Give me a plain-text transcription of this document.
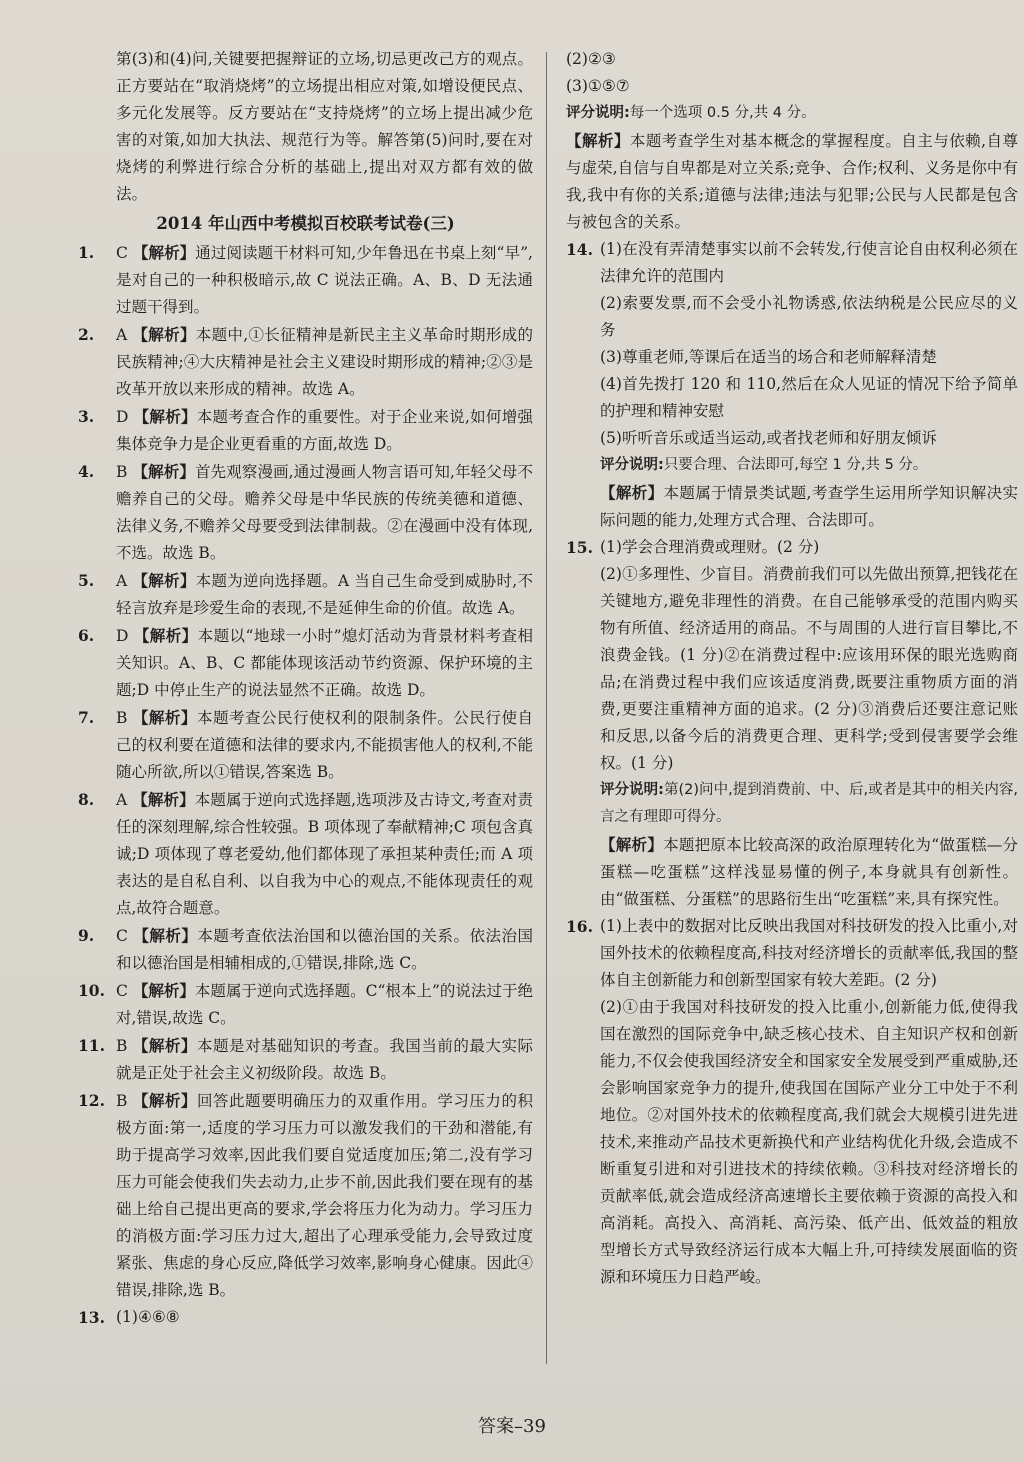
第(3)和(4)问,关键要把握辩证的立场,切忌更改己方的观点。正方要站在“取消烧烤”的立场提出相应对策,如增设便民点、多元化发展等。反方要站在“支持烧烤”的立场上提出减少危害的对策,如加大执法、规范行为等。解答第(5)问时,要在对烧烤的利弊进行综合分析的基础上,提出对双方都有效的做法。

2014 年山西中考模拟百校联考试卷(三)

1. C 【解析】通过阅读题干材料可知,少年鲁迅在书桌上刻“早”,是对自己的一种积极暗示,故 C 说法正确。A、B、D 无法通过题干得到。

2. A 【解析】本题中,①长征精神是新民主主义革命时期形成的民族精神;④大庆精神是社会主义建设时期形成的精神;②③是改革开放以来形成的精神。故选 A。

3. D 【解析】本题考查合作的重要性。对于企业来说,如何增强集体竞争力是企业更看重的方面,故选 D。

4. B 【解析】首先观察漫画,通过漫画人物言语可知,年轻父母不赡养自己的父母。赡养父母是中华民族的传统美德和道德、法律义务,不赡养父母要受到法律制裁。②在漫画中没有体现,不选。故选 B。

5. A 【解析】本题为逆向选择题。A 当自己生命受到威胁时,不轻言放弃是珍爱生命的表现,不是延伸生命的价值。故选 A。

6. D 【解析】本题以“地球一小时”熄灯活动为背景材料考查相关知识。A、B、C 都能体现该活动节约资源、保护环境的主题;D 中停止生产的说法显然不正确。故选 D。

7. B 【解析】本题考查公民行使权利的限制条件。公民行使自己的权利要在道德和法律的要求内,不能损害他人的权利,不能随心所欲,所以①错误,答案选 B。

8. A 【解析】本题属于逆向式选择题,选项涉及古诗文,考查对责任的深刻理解,综合性较强。B 项体现了奉献精神;C 项包含真诚;D 项体现了尊老爱幼,他们都体现了承担某种责任;而 A 项表达的是自私自利、以自我为中心的观点,不能体现责任的观点,故符合题意。

9. C 【解析】本题考查依法治国和以德治国的关系。依法治国和以德治国是相辅相成的,①错误,排除,选 C。

10. C 【解析】本题属于逆向式选择题。C“根本上”的说法过于绝对,错误,故选 C。

11. B 【解析】本题是对基础知识的考查。我国当前的最大实际就是正处于社会主义初级阶段。故选 B。

12. B 【解析】回答此题要明确压力的双重作用。学习压力的积极方面:第一,适度的学习压力可以激发我们的干劲和潜能,有助于提高学习效率,因此我们要自觉适度加压;第二,没有学习压力可能会使我们失去动力,止步不前,因此我们要在现有的基础上给自己提出更高的要求,学会将压力化为动力。学习压力的消极方面:学习压力过大,超出了心理承受能力,会导致过度紧张、焦虑的身心反应,降低学习效率,影响身心健康。因此④错误,排除,选 B。

13. (1)④⑥⑧

(2)②③

(3)①⑤⑦

评分说明:每一个选项 0.5 分,共 4 分。

【解析】本题考查学生对基本概念的掌握程度。自主与依赖,自尊与虚荣,自信与自卑都是对立关系;竞争、合作;权利、义务是你中有我,我中有你的关系;道德与法律;违法与犯罪;公民与人民都是包含与被包含的关系。

14. (1)在没有弄清楚事实以前不会转发,行使言论自由权利必须在法律允许的范围内

(2)索要发票,而不会受小礼物诱惑,依法纳税是公民应尽的义务

(3)尊重老师,等课后在适当的场合和老师解释清楚

(4)首先拨打 120 和 110,然后在众人见证的情况下给予简单的护理和精神安慰

(5)听听音乐或适当运动,或者找老师和好朋友倾诉

评分说明:只要合理、合法即可,每空 1 分,共 5 分。

【解析】本题属于情景类试题,考查学生运用所学知识解决实际问题的能力,处理方式合理、合法即可。

15. (1)学会合理消费或理财。(2 分)

(2)①多理性、少盲目。消费前我们可以先做出预算,把钱花在关键地方,避免非理性的消费。在自己能够承受的范围内购买物有所值、经济适用的商品。不与周围的人进行盲目攀比,不浪费金钱。(1 分)②在消费过程中:应该用环保的眼光选购商品;在消费过程中我们应该适度消费,既要注重物质方面的消费,更要注重精神方面的追求。(2 分)③消费后还要注意记账和反思,以备今后的消费更合理、更科学;受到侵害要学会维权。(1 分)

评分说明:第(2)问中,提到消费前、中、后,或者是其中的相关内容,言之有理即可得分。

【解析】本题把原本比较高深的政治原理转化为“做蛋糕—分蛋糕—吃蛋糕”这样浅显易懂的例子,本身就具有创新性。由“做蛋糕、分蛋糕”的思路衍生出“吃蛋糕”来,具有探究性。

16. (1)上表中的数据对比反映出我国对科技研发的投入比重小,对国外技术的依赖程度高,科技对经济增长的贡献率低,我国的整体自主创新能力和创新型国家有较大差距。(2 分)

(2)①由于我国对科技研发的投入比重小,创新能力低,使得我国在激烈的国际竞争中,缺乏核心技术、自主知识产权和创新能力,不仅会使我国经济安全和国家安全发展受到严重威胁,还会影响国家竞争力的提升,使我国在国际产业分工中处于不利地位。②对国外技术的依赖程度高,我们就会大规模引进先进技术,来推动产品技术更新换代和产业结构优化升级,会造成不断重复引进和对引进技术的持续依赖。③科技对经济增长的贡献率低,就会造成经济高速增长主要依赖于资源的高投入和高消耗。高投入、高消耗、高污染、低产出、低效益的粗放型增长方式导致经济运行成本大幅上升,可持续发展面临的资源和环境压力日趋严峻。

答案–39
